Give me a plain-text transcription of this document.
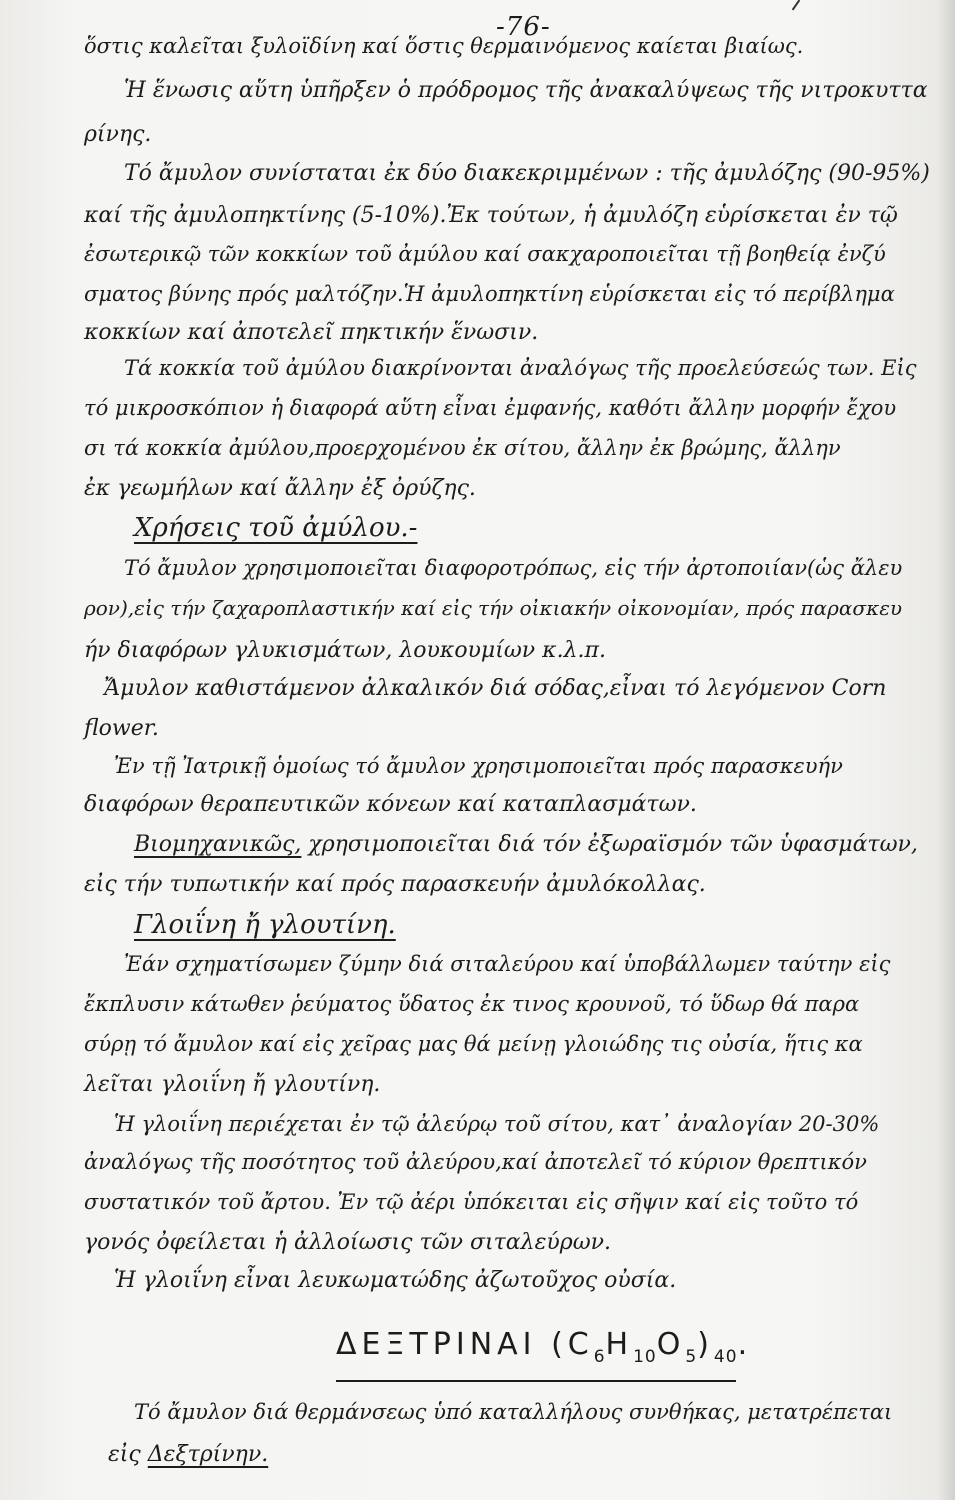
-76-
ὅστις καλεῖται ξυλοϊδίνη καί ὅστις θερμαινόμενος καίεται βιαίως.
Ἡ ἕνωσις αὕτη ὑπῆρξεν ὁ πρόδρομος τῆς ἀνακαλύψεως τῆς νιτροκυττα
ρίνης.
Τό ἄμυλον συνίσταται ἐκ δύο διακεκριμμένων : τῆς ἀμυλόζης (90-95%)
καί τῆς ἀμυλοπηκτίνης (5-10%).Ἐκ τούτων, ἡ ἀμυλόζη εὑρίσκεται ἐν τῷ
ἐσωτερικῷ τῶν κοκκίων τοῦ ἀμύλου καί σακχαροποιεῖται τῇ βοηθείᾳ ἐνζύ
σματος βύνης πρός μαλτόζην.Ἡ ἀμυλοπηκτίνη εὑρίσκεται εἰς τό περίβλημα
κοκκίων καί ἀποτελεῖ πηκτικήν ἕνωσιν.
Τά κοκκία τοῦ ἀμύλου διακρίνονται ἀναλόγως τῆς προελεύσεώς των. Εἰς
τό μικροσκόπιον ἡ διαφορά αὕτη εἶναι ἐμφανής, καθότι ἄλλην μορφήν ἔχου
σι τά κοκκία ἀμύλου,προερχομένου ἐκ σίτου, ἄλλην ἐκ βρώμης, ἄλλην
ἐκ γεωμήλων καί ἄλλην ἐξ ὀρύζης.
Χρήσεις τοῦ ἀμύλου.-
Τό ἄμυλον χρησιμοποιεῖται διαφοροτρόπως, εἰς τήν ἀρτοποιίαν(ὡς ἄλευ
ρον),εἰς τήν ζαχαροπλαστικήν καί εἰς τήν οἰκιακήν οἰκονομίαν, πρός παρασκευ
ήν διαφόρων γλυκισμάτων, λουκουμίων κ.λ.π.
Ἄμυλον καθιστάμενον ἀλκαλικόν διά σόδας,εἶναι τό λεγόμενον Corn
flower.
Ἐν τῇ Ἰατρικῇ ὁμοίως τό ἄμυλον χρησιμοποιεῖται πρός παρασκευήν
διαφόρων θεραπευτικῶν κόνεων καί καταπλασμάτων.
Βιομηχανικῶς, χρησιμοποιεῖται διά τόν ἐξωραϊσμόν τῶν ὑφασμάτων,
εἰς τήν τυπωτικήν καί πρός παρασκευήν ἀμυλόκολλας.
Γλοιΐνη ἤ γλουτίνη.
Ἐάν σχηματίσωμεν ζύμην διά σιταλεύρου καί ὑποβάλλωμεν ταύτην εἰς
ἔκπλυσιν κάτωθεν ῥεύματος ὕδατος ἐκ τινος κρουνοῦ, τό ὕδωρ θά παρα
σύρῃ τό ἄμυλον καί εἰς χεῖρας μας θά μείνῃ γλοιώδης τις οὐσία, ἥτις κα
λεῖται γλοιΐνη ἤ γλουτίνη.
Ἡ γλοιΐνη περιέχεται ἐν τῷ ἀλεύρῳ τοῦ σίτου, κατ᾽ ἀναλογίαν 20-30%
ἀναλόγως τῆς ποσότητος τοῦ ἀλεύρου,καί ἀποτελεῖ τό κύριον θρεπτικόν
συστατικόν τοῦ ἄρτου. Ἐν τῷ ἀέρι ὑπόκειται εἰς σῆψιν καί εἰς τοῦτο τό
γονός ὀφείλεται ἡ ἀλλοίωσις τῶν σιταλεύρων.
Ἡ γλοιΐνη εἶναι λευκωματώδης ἀζωτοῦχος οὐσία.
ΔΕΞΤΡΙΝΑΙ $(C_6H_{10}O_5)_{40}$.
Τό ἄμυλον διά θερμάνσεως ὑπό καταλλήλους συνθήκας, μετατρέπεται
εἰς Δεξτρίνην.
